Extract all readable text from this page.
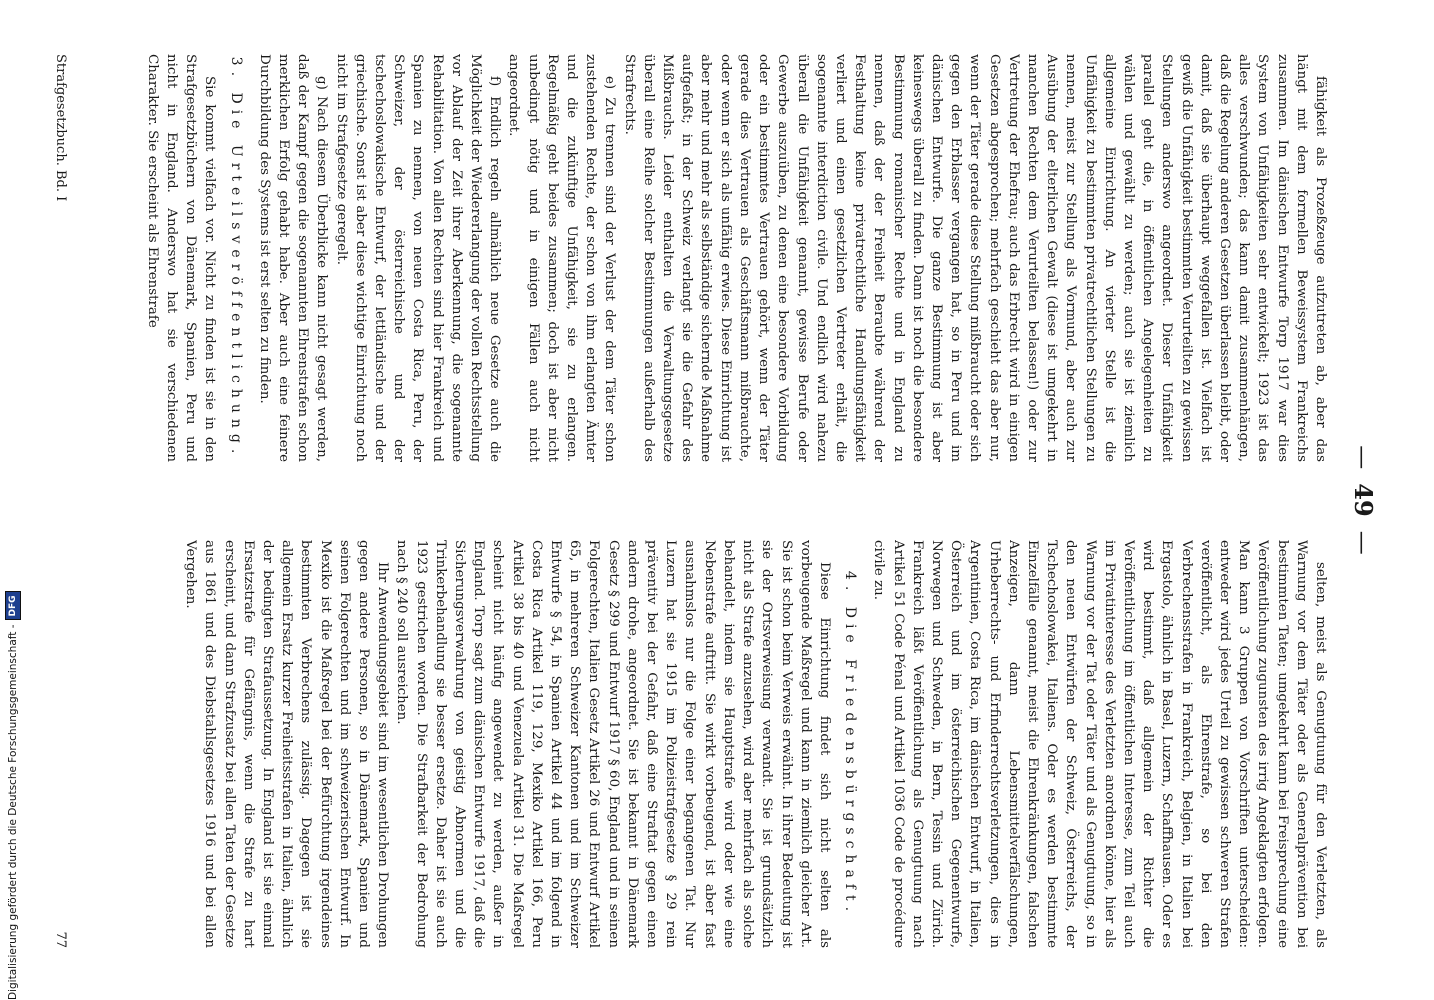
—49—

fähigkeit als Prozeßzeuge aufzutreten ab, aber das hängt mit dem formellen Beweissystem Frankreichs zusammen. Im dänischen Entwurfe Torp 1917 war dies System von Unfähigkeiten sehr entwickelt; 1923 ist das alles verschwunden; das kann damit zusammenhängen, daß die Regelung anderen Gesetzen überlassen bleibt, oder damit, daß sie überhaupt weggefallen ist. Vielfach ist gewiß die Unfähigkeit bestimmten Verurteilten zu gewissen Stellungen anderswo angeordnet. Dieser Unfähigkeit parallel geht die, in öffentlichen Angelegenheiten zu wählen und gewählt zu werden; auch sie ist ziemlich allgemeine Einrichtung. An vierter Stelle ist die Unfähigkeit zu bestimmten privatrechtlichen Stellungen zu nennen, meist zur Stellung als Vormund, aber auch zur Ausübung der elterlichen Gewalt (diese ist umgekehrt in manchen Rechten dem Verurteilten belassen!) oder zur Vertretung der Ehefrau; auch das Erbrecht wird in einigen Gesetzen abgesprochen; mehrfach geschieht das aber nur, wenn der Täter gerade diese Stellung mißbraucht oder sich gegen den Erblasser vergangen hat, so in Peru und im dänischen Entwurfe. Die ganze Bestimmung ist aber keineswegs überall zu finden. Dann ist noch die besondere Bestimmung romanischer Rechte und in England zu nennen, daß der der Freiheit Beraubte während der Festhaltung keine privatrechtliche Handlungsfähigkeit verliert und einen gesetzlichen Vertreter erhält, die sogenannte interdiction civile. Und endlich wird nahezu überall die Unfähigkeit genannt, gewisse Berufe oder Gewerbe auszuüben, zu denen eine besondere Vorbildung oder ein bestimmtes Vertrauen gehört, wenn der Täter gerade dies Vertrauen als Geschäftsmann mißbrauchte, oder wenn er sich als unfähig erwies. Diese Einrichtung ist aber mehr und mehr als selbständige sichernde Maßnahme aufgefaßt; in der Schweiz verlangt sie die Gefahr des Mißbrauchs. Leider enthalten die Verwaltungsgesetze überall eine Reihe solcher Bestimmungen außerhalb des Strafrechts.

e) Zu trennen sind der Verlust der dem Täter schon zustehenden Rechte, der schon von ihm erlangten Ämter und die zukünftige Unfähigkeit, sie zu erlangen. Regelmäßig geht beides zusammen; doch ist aber nicht unbedingt nötig und in einigen Fällen auch nicht angeordnet.

f) Endlich regeln allmählich neue Gesetze auch die Möglichkeit der Wiedererlangung der vollen Rechtsstellung vor Ablauf der Zeit ihrer Aberkennung, die sogenannte Rehabilitation. Von allen Rechten sind hier Frankreich und Spanien zu nennen, von neuen Costa Rica, Peru, der Schweizer, der österreichische und der tschechoslowakische Entwurf, der lettländische und der griechische. Sonst ist aber diese wichtige Einrichtung noch nicht im Strafgesetze geregelt.

g) Nach diesem Überblicke kann nicht gesagt werden, daß der Kampf gegen die sogenannten Ehrenstrafen schon merklichen Erfolg gehabt habe. Aber auch eine feinere Durchbildung des Systems ist erst selten zu finden.

3. Die Urteilsveröffentlichung.

Sie kommt vielfach vor. Nicht zu finden ist sie in den Strafgesetzbüchern von Dänemark, Spanien, Peru und nicht in England. Anderswo hat sie verschiedenen Charakter. Sie erscheint als Ehrenstrafe

selten, meist als Genugtuung für den Verletzten, als Warnung vor dem Täter oder als Generalprävention bei bestimmten Taten; umgekehrt kann bei Freisprechung eine Veröffentlichung zugunsten des irrig Angeklagten erfolgen. Man kann 3 Gruppen von Vorschriften unterscheiden: entweder wird jedes Urteil zu gewissen schweren Strafen veröffentlicht, als Ehrenstrafe, so bei den Verbrechensstrafen in Frankreich, Belgien, in Italien bei Ergastolo, ähnlich in Basel, Luzern, Schaffhausen. Oder es wird bestimmt, daß allgemein der Richter die Veröffentlichung im öffentlichen Interesse, zum Teil auch im Privatinteresse des Verletzten anordnen könne, hier als Warnung vor der Tat oder Täter und als Genugtuung, so in den neuen Entwürfen der Schweiz, Österreichs, der Tschechoslowakei, Italiens. Oder es werden bestimmte Einzelfälle genannt, meist die Ehrenkränkungen, falschen Anzeigen, dann Lebensmittelverfälschungen, Urheberrechts- und Erfinderrechtsverletzungen, dies in Argentinien, Costa Rica, im dänischen Entwurf, in Italien, Österreich und im österreichischen Gegenentwurfe, Norwegen und Schweden, in Bern, Tessin und Zürich. Frankreich läßt Veröffentlichung als Genugtuung nach Artikel 51 Code Pénal und Artikel 1036 Code de procédure civile zu.

4. Die Friedensbürgschaft.

Diese Einrichtung findet sich nicht selten als vorbeugende Maßregel und kann in ziemlich gleicher Art. Sie ist schon beim Verweis erwähnt. In ihrer Bedeutung ist sie der Ortsverweisung verwandt. Sie ist grundsätzlich nicht als Strafe anzusehen, wird aber mehrfach als solche behandelt, indem sie Hauptstrafe wird oder wie eine Nebenstrafe auftritt. Sie wirkt vorbeugend, ist aber fast ausnahmslos nur die Folge einer begangenen Tat. Nur Luzern hat sie 1915 im Polizeistrafgesetze § 29 rein präventiv bei der Gefahr, daß eine Straftat gegen einen andern drohe, angeordnet. Sie ist bekannt in Dänemark Gesetz § 299 und Entwurf 1917 § 60, England und in seinen Folgerechten, Italien Gesetz Artikel 26 und Entwurf Artikel 65, in mehreren Schweizer Kantonen und im Schweizer Entwurfe § 54, in Spanien Artikel 44 und im folgend in Costa Rica Artikel 119, 129, Mexiko Artikel 166, Peru Artikel 38 bis 40 und Venezuela Artikel 31. Die Maßregel scheint nicht häufig angewendet zu werden, außer in England. Torp sagt zum dänischen Entwurfe 1917, daß die Sicherungsverwahrung von geistig Abnormen und die Trinkerbehandlung sie besser ersetze. Daher ist sie auch 1923 gestrichen worden. Die Strafbarkeit der Bedrohung nach § 240 soll ausreichen.

Ihr Anwendungsgebiet sind im wesentlichen Drohungen gegen andere Personen, so in Dänemark, Spanien und seinen Folgerechten und im schweizerischen Entwurf. In Mexiko ist die Maßregel bei der Befürchtung irgendeines bestimmten Verbrechens zulässig. Dagegen ist sie allgemein Ersatz kurzer Freiheitsstrafen in Italien, ähnlich der bedingten Strafaussetzung. In England ist sie einmal Ersatzstrafe für Gefängnis, wenn die Strafe zu hart erscheint, und dann Strafzusatz bei allen Taten der Gesetze aus 1861 und des Diebstahlsgesetzes 1916 und bei allen Vergehen.

Strafgesetzbuch. Bd. I
77
Digitalisierung gefördert durch die Deutsche Forschungsgemeinschaft -DFG
